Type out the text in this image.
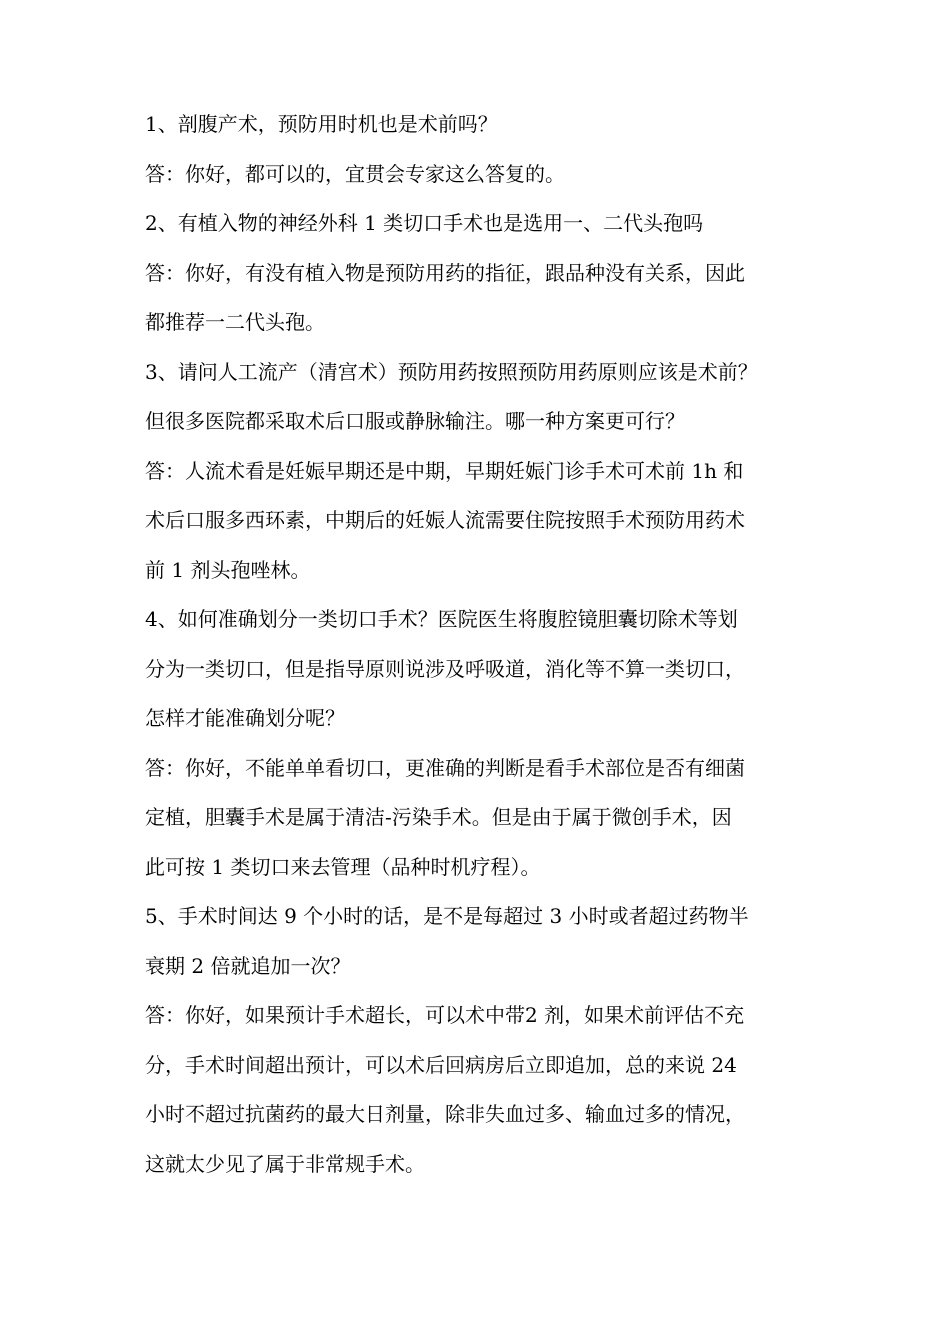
1、剖腹产术，预防用时机也是术前吗？

答：你好，都可以的，宜贯会专家这么答复的。

2、有植入物的神经外科 1 类切口手术也是选用一、二代头孢吗

答：你好，有没有植入物是预防用药的指征，跟品种没有关系，因此
都推荐一二代头孢。

3、请问人工流产（清宫术）预防用药按照预防用药原则应该是术前？
但很多医院都采取术后口服或静脉输注。哪一种方案更可行？

答：人流术看是妊娠早期还是中期，早期妊娠门诊手术可术前 1h 和
术后口服多西环素，中期后的妊娠人流需要住院按照手术预防用药术
前 1 剂头孢唑林。

4、如何准确划分一类切口手术？医院医生将腹腔镜胆囊切除术等划
分为一类切口，但是指导原则说涉及呼吸道，消化等不算一类切口，
怎样才能准确划分呢？

答：你好，不能单单看切口，更准确的判断是看手术部位是否有细菌
定植，胆囊手术是属于清洁-污染手术。但是由于属于微创手术，因
此可按 1 类切口来去管理（品种时机疗程）。

5、手术时间达 9 个小时的话，是不是每超过 3 小时或者超过药物半
衰期 2 倍就追加一次？

答：你好，如果预计手术超长，可以术中带2 剂，如果术前评估不充
分，手术时间超出预计，可以术后回病房后立即追加，总的来说 24
小时不超过抗菌药的最大日剂量，除非失血过多、输血过多的情况，
这就太少见了属于非常规手术。
